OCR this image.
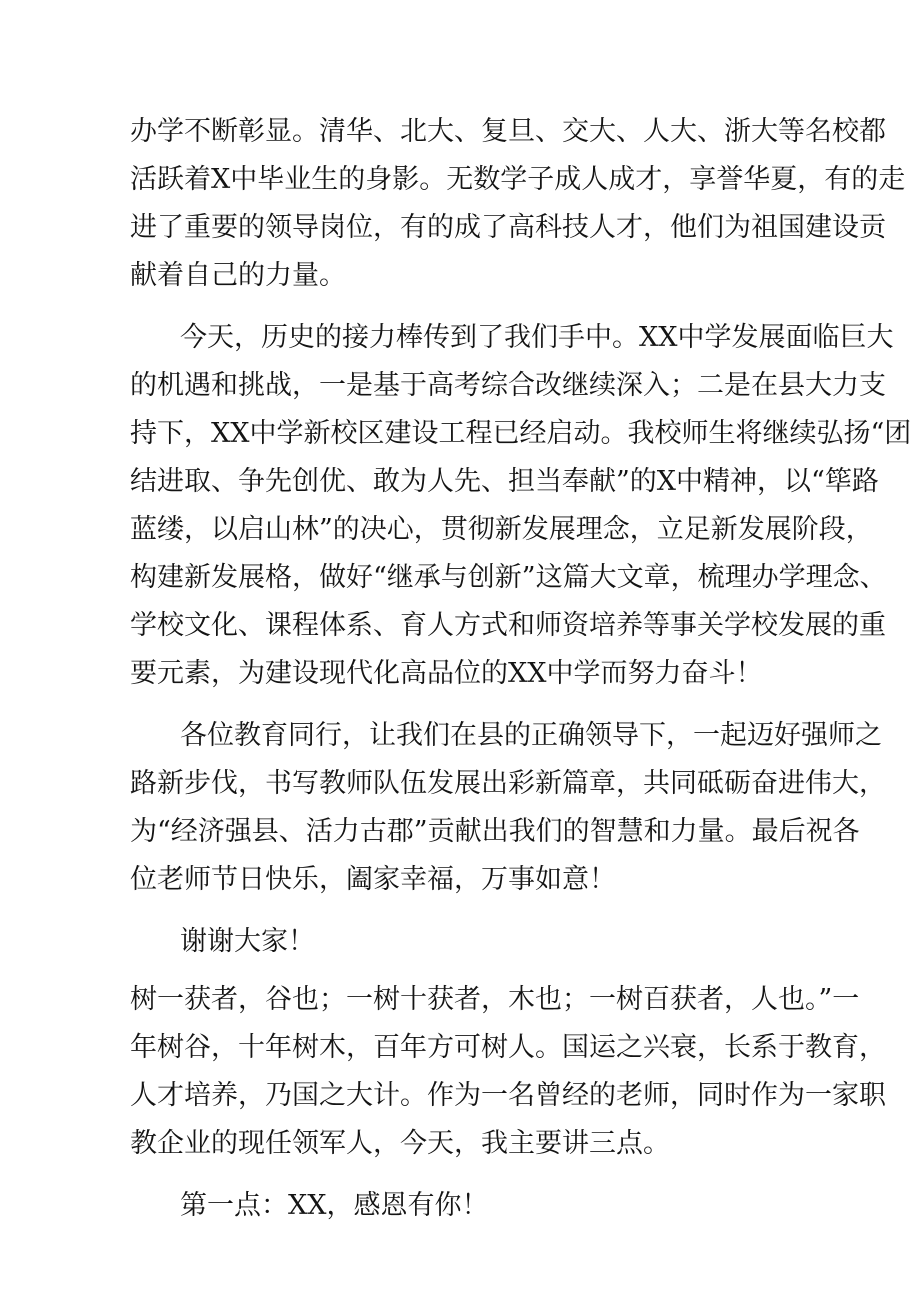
办学不断彰显。清华、北大、复旦、交大、人大、浙大等名校都
活跃着X中毕业生的身影。无数学子成人成才，享誉华夏，有的走
进了重要的领导岗位，有的成了高科技人才，他们为祖国建设贡
献着自己的力量。
今天，历史的接力棒传到了我们手中。XX中学发展面临巨大
的机遇和挑战，一是基于高考综合改继续深入；二是在县大力支
持下，XX中学新校区建设工程已经启动。我校师生将继续弘扬“团
结进取、争先创优、敢为人先、担当奉献”的X中精神，以“筚路
蓝缕，以启山林”的决心，贯彻新发展理念，立足新发展阶段，
构建新发展格，做好“继承与创新”这篇大文章，梳理办学理念、
学校文化、课程体系、育人方式和师资培养等事关学校发展的重
要元素，为建设现代化高品位的XX中学而努力奋斗！
各位教育同行，让我们在县的正确领导下，一起迈好强师之
路新步伐，书写教师队伍发展出彩新篇章，共同砥砺奋进伟大，
为“经济强县、活力古郡”贡献出我们的智慧和力量。最后祝各
位老师节日快乐，阖家幸福，万事如意！
谢谢大家！
树一获者，谷也；一树十获者，木也；一树百获者，人也。”一
年树谷，十年树木，百年方可树人。国运之兴衰，长系于教育，
人才培养，乃国之大计。作为一名曾经的老师，同时作为一家职
教企业的现任领军人，今天，我主要讲三点。
第一点：XX，感恩有你！
